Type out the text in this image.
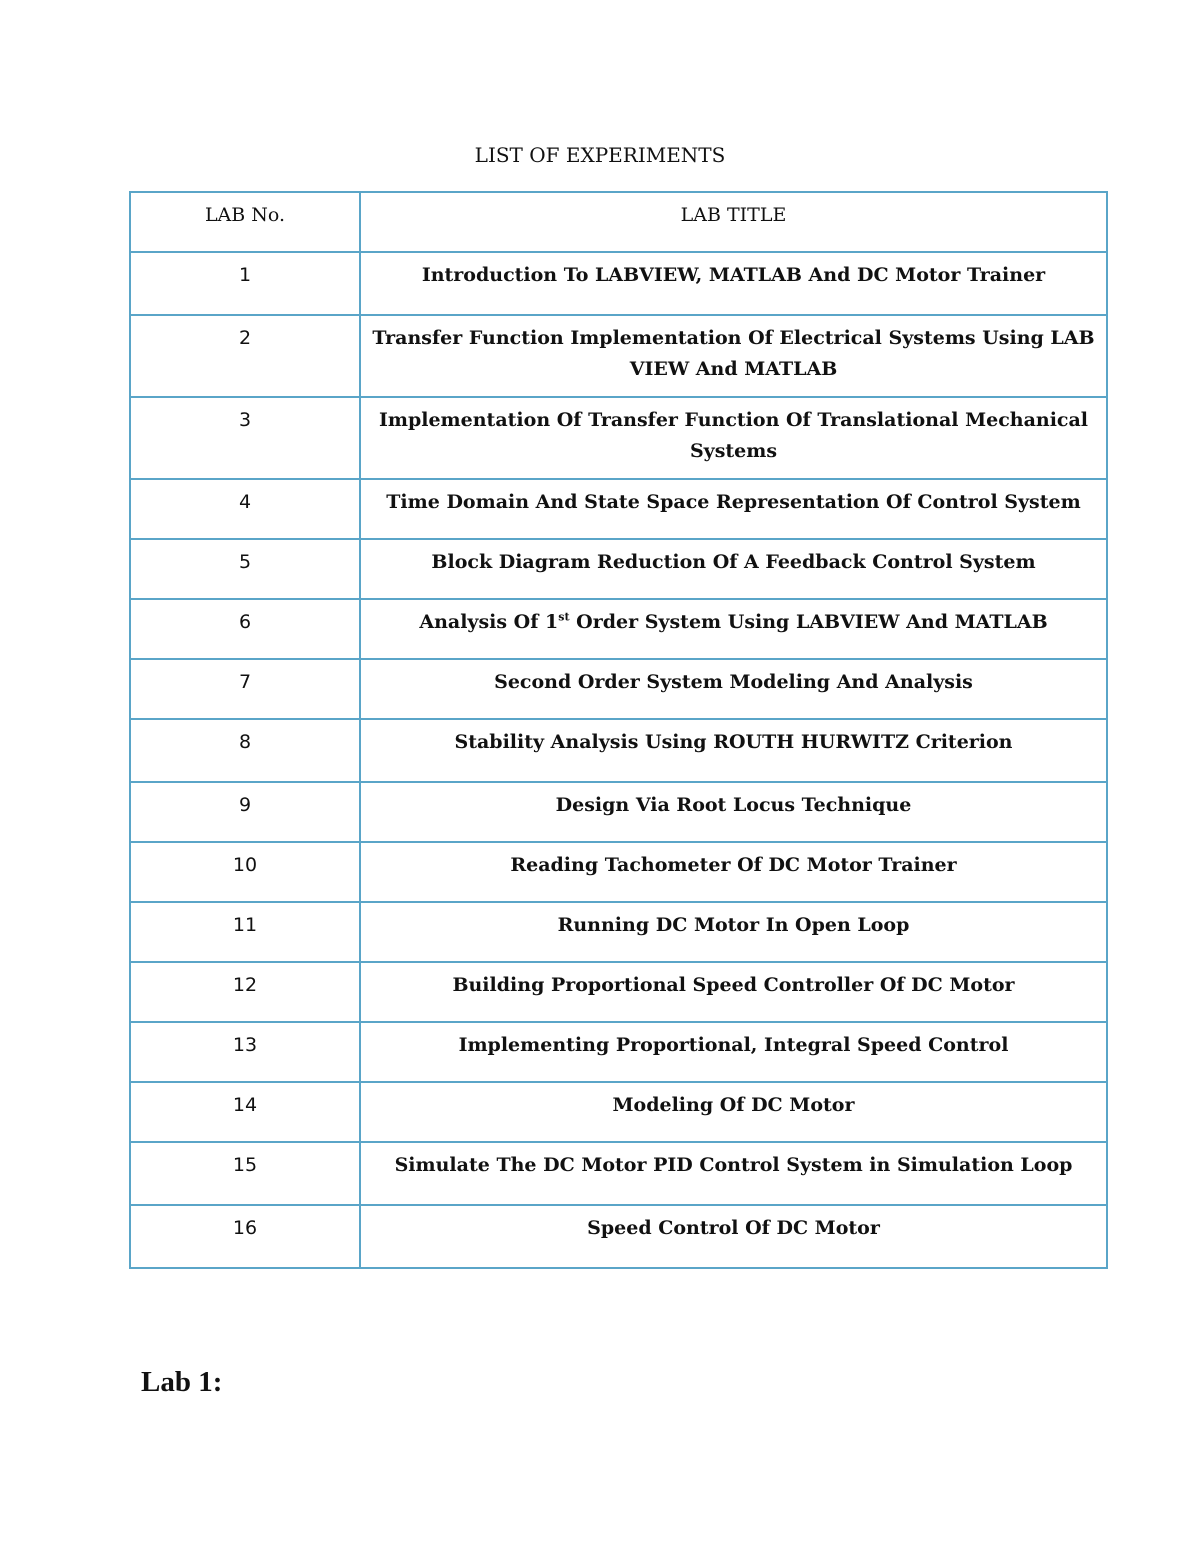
LIST OF EXPERIMENTS
LAB No.	LAB TITLE
1	Introduction To LABVIEW, MATLAB And DC Motor Trainer
2	Transfer Function Implementation Of Electrical Systems Using LAB VIEW And MATLAB
3	Implementation Of Transfer Function Of Translational Mechanical Systems
4	Time Domain And State Space Representation Of Control System
5	Block Diagram Reduction Of A Feedback Control System
6	Analysis Of 1st Order System Using LABVIEW And MATLAB
7	Second Order System Modeling And Analysis
8	Stability Analysis Using ROUTH HURWITZ Criterion
9	Design Via Root Locus Technique
10	Reading Tachometer Of DC Motor Trainer
11	Running DC Motor In Open Loop
12	Building Proportional Speed Controller Of DC Motor
13	Implementing Proportional, Integral Speed Control
14	Modeling Of DC Motor
15	Simulate The DC Motor PID Control System in Simulation Loop
16	Speed Control Of DC Motor
Lab 1:
